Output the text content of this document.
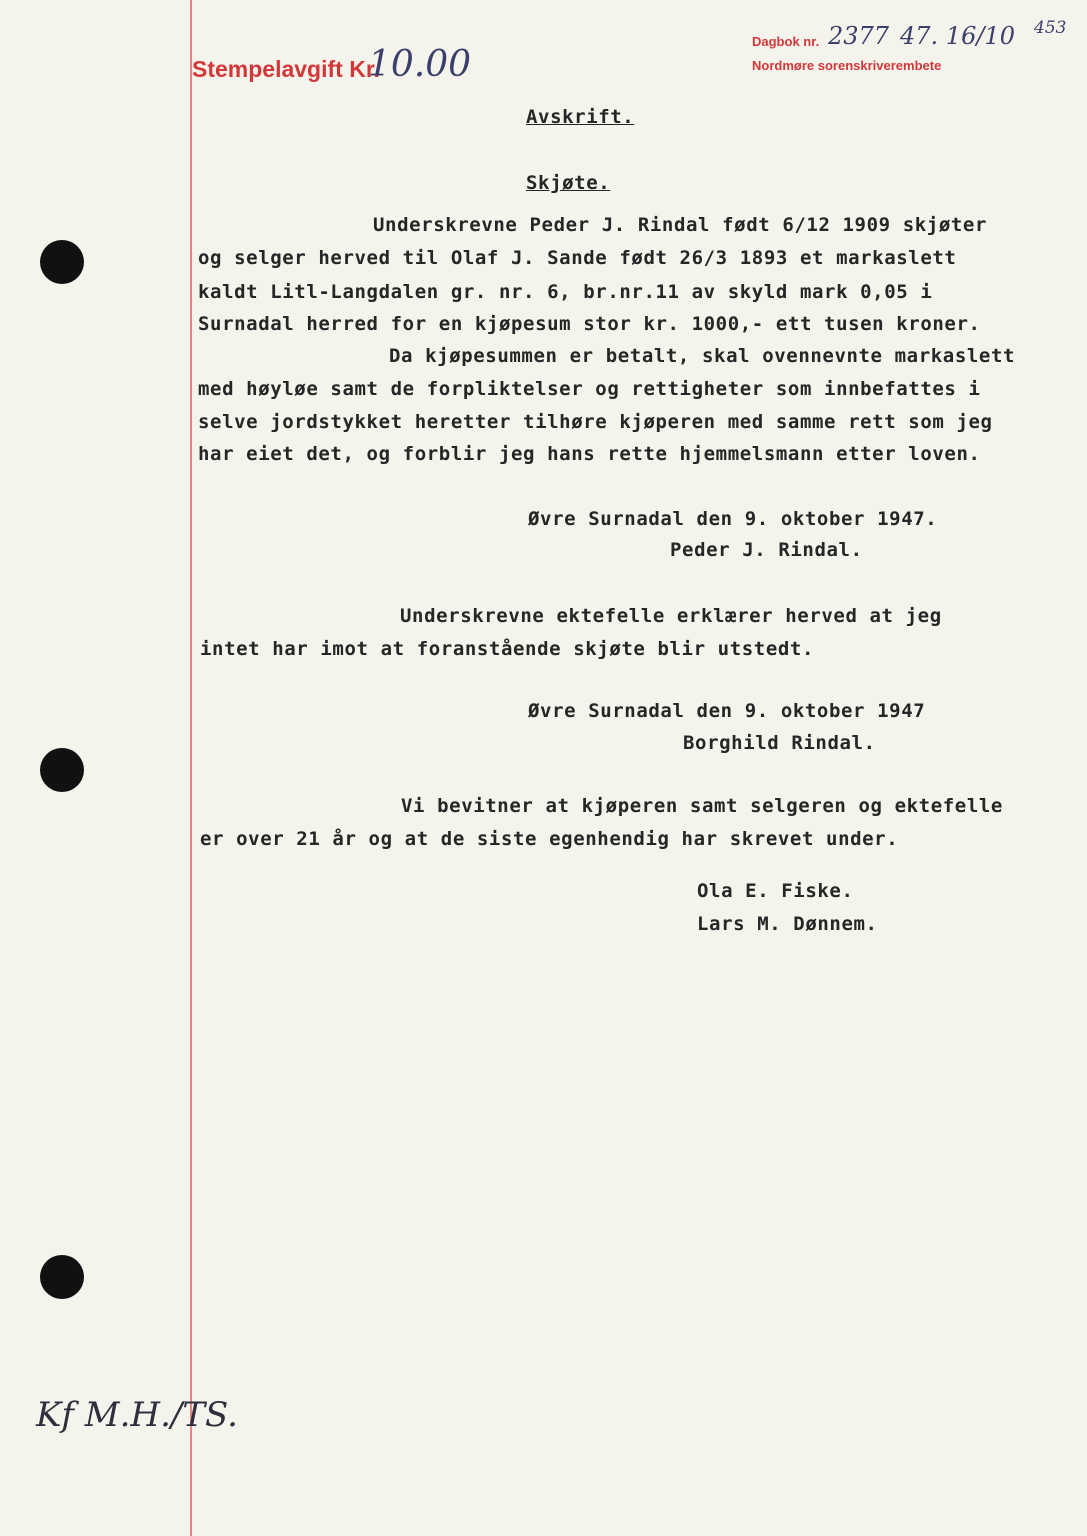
Stempelavgift Kr.
10.00
Dagbok nr. 2377 47. 16/10 453
Nordmøre sorenskriverembete
Avskrift.
Skjøte.
Underskrevne Peder J. Rindal født 6/12 1909 skjøter
og selger herved til Olaf J. Sande født 26/3 1893 et markaslett
kaldt Litl-Langdalen gr. nr. 6, br.nr.11 av skyld mark 0,05 i
Surnadal herred for en kjøpesum stor kr. 1000,- ett tusen kroner.
Da kjøpesummen er betalt, skal ovennevnte markaslett
med høyløe samt de forpliktelser og rettigheter som innbefattes i
selve jordstykket heretter tilhøre kjøperen med samme rett som jeg
har eiet det, og forblir jeg hans rette hjemmelsmann etter loven.
Øvre Surnadal den 9. oktober 1947.
Peder J. Rindal.
Underskrevne ektefelle erklærer herved at jeg
intet har imot at foranstående skjøte blir utstedt.
Øvre Surnadal den 9. oktober 1947
Borghild Rindal.
Vi bevitner at kjøperen samt selgeren og ektefelle
er over 21 år og at de siste egenhendig har skrevet under.
Ola E. Fiske.
Lars M. Dønnem.
Kf M.H./TS.
